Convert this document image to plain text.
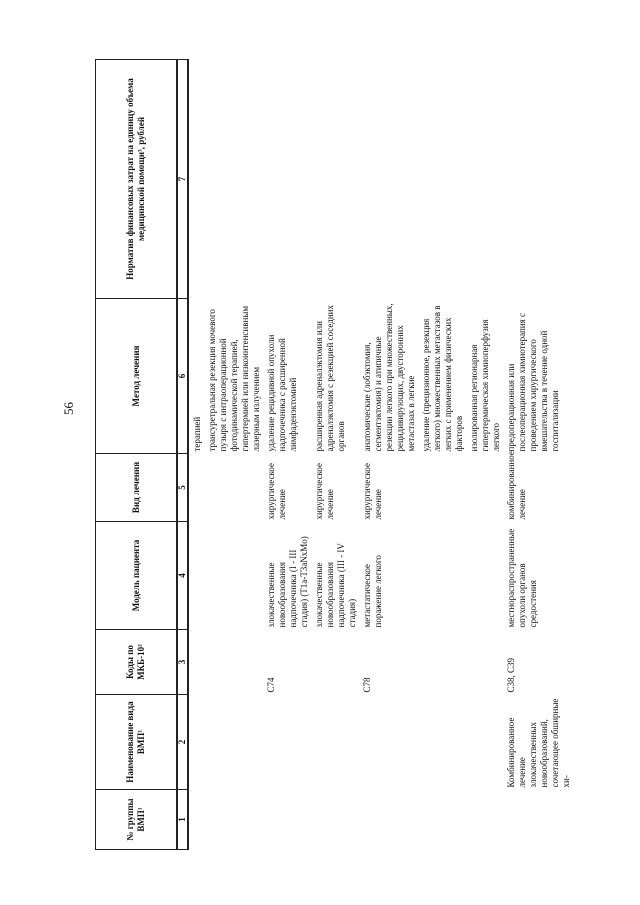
56
№ группы ВМП¹	Наименование вида ВМП¹	Коды по МКБ-10²	Модель пациента	Вид лечения	Метод лечения	Норматив финансовых затрат на единицу объема медицинской помощи³, рублей
1	2	3	4	5	6	7
					терапией	
					трансуретральная резекция мочевого пузыря с интраоперационной фотодинамической терапией, гипертермией или низкоинтенсивным лазерным излучением	
		C74	злокачественные новообразования надпочечника (I - III стадия) (T1a-T3aNxMo)	хирургическое лечение	удаление рецидивной опухоли надпочечника с расширенной лимфаденэктомией	
			злокачественные новообразования надпочечника (III - IV стадия)	хирургическое лечение	расширенная адреналэктомия или адреналэктомия с резекцией соседних органов	
		C78	метастатическое поражение легкого	хирургическое лечение	анатомические (лобэктомия, сегментэктомия) и атипичные резекции легкого при множественных, рецидивирующих, двусторонних метастазах в легкие	
					удаление (прецизионное, резекция легкого) множественных метастазов в легких с применением физических факторов	
					изолированная регионарная гипертермическая химиоперфузия легкого	
	Комбинированное лечение злокачественных новообразований, сочетающее обширные хи-	C38, C39	местнораспространенные опухоли органов средостения	комбинированное лечение	предоперационная или послеоперационная химиотерапия с проведением хирургического вмешательства в течение одной госпитализации	
